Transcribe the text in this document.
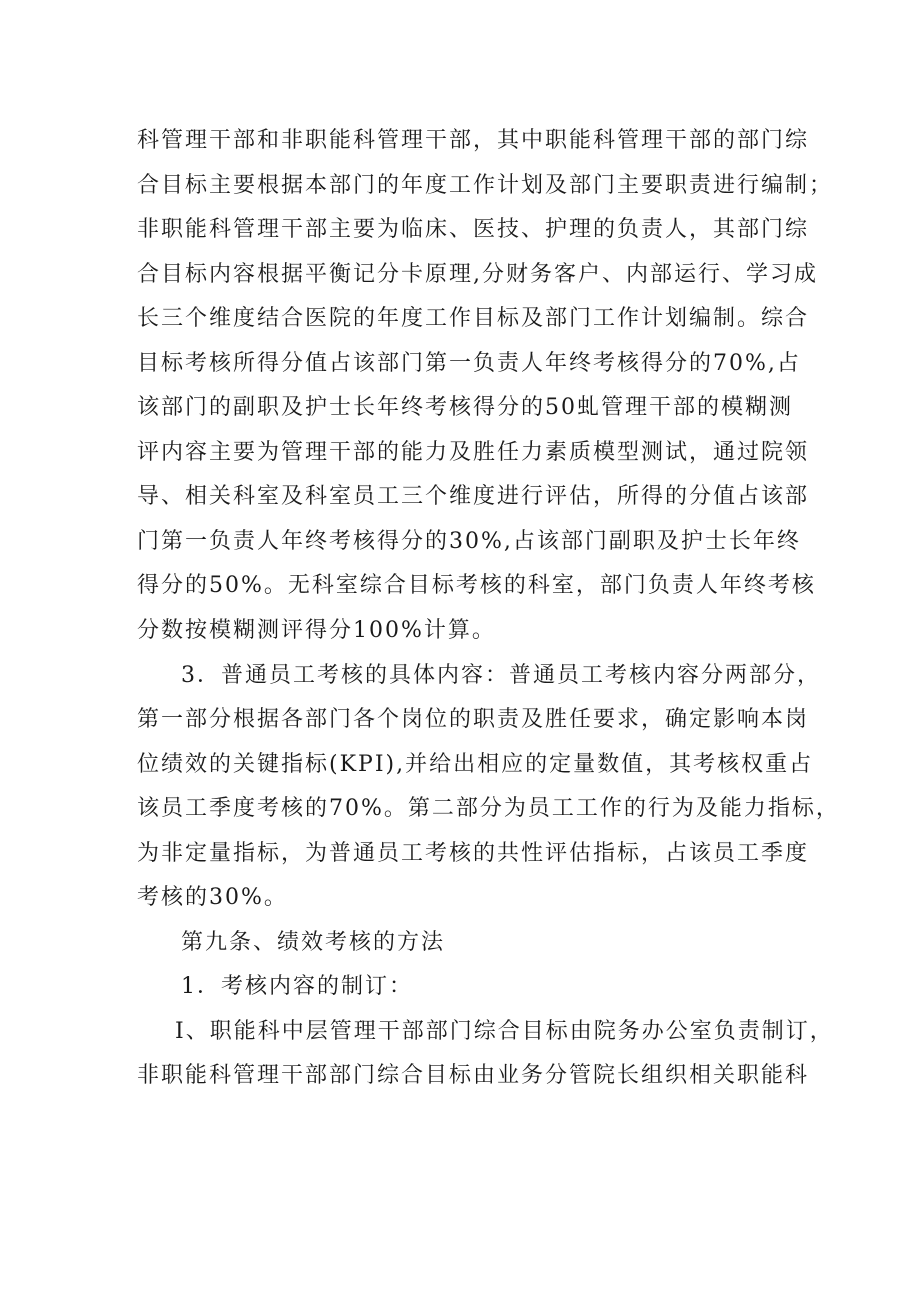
科管理干部和非职能科管理干部，其中职能科管理干部的部门综
合目标主要根据本部门的年度工作计划及部门主要职责进行编制；
非职能科管理干部主要为临床、医技、护理的负责人，其部门综
合目标内容根据平衡记分卡原理,分财务客户、内部运行、学习成
长三个维度结合医院的年度工作目标及部门工作计划编制。综合
目标考核所得分值占该部门第一负责人年终考核得分的70%,占
该部门的副职及护士长年终考核得分的50虬管理干部的模糊测
评内容主要为管理干部的能力及胜任力素质模型测试，通过院领
导、相关科室及科室员工三个维度进行评估，所得的分值占该部
门第一负责人年终考核得分的30%,占该部门副职及护士长年终
得分的50%。无科室综合目标考核的科室，部门负责人年终考核
分数按模糊测评得分100%计算。
3．普通员工考核的具体内容：普通员工考核内容分两部分，
第一部分根据各部门各个岗位的职责及胜任要求，确定影响本岗
位绩效的关键指标(KPI),并给出相应的定量数值，其考核权重占
该员工季度考核的70%。第二部分为员工工作的行为及能力指标，
为非定量指标，为普通员工考核的共性评估指标，占该员工季度
考核的30%。
第九条、绩效考核的方法
1．考核内容的制订：
I、职能科中层管理干部部门综合目标由院务办公室负责制订，
非职能科管理干部部门综合目标由业务分管院长组织相关职能科
